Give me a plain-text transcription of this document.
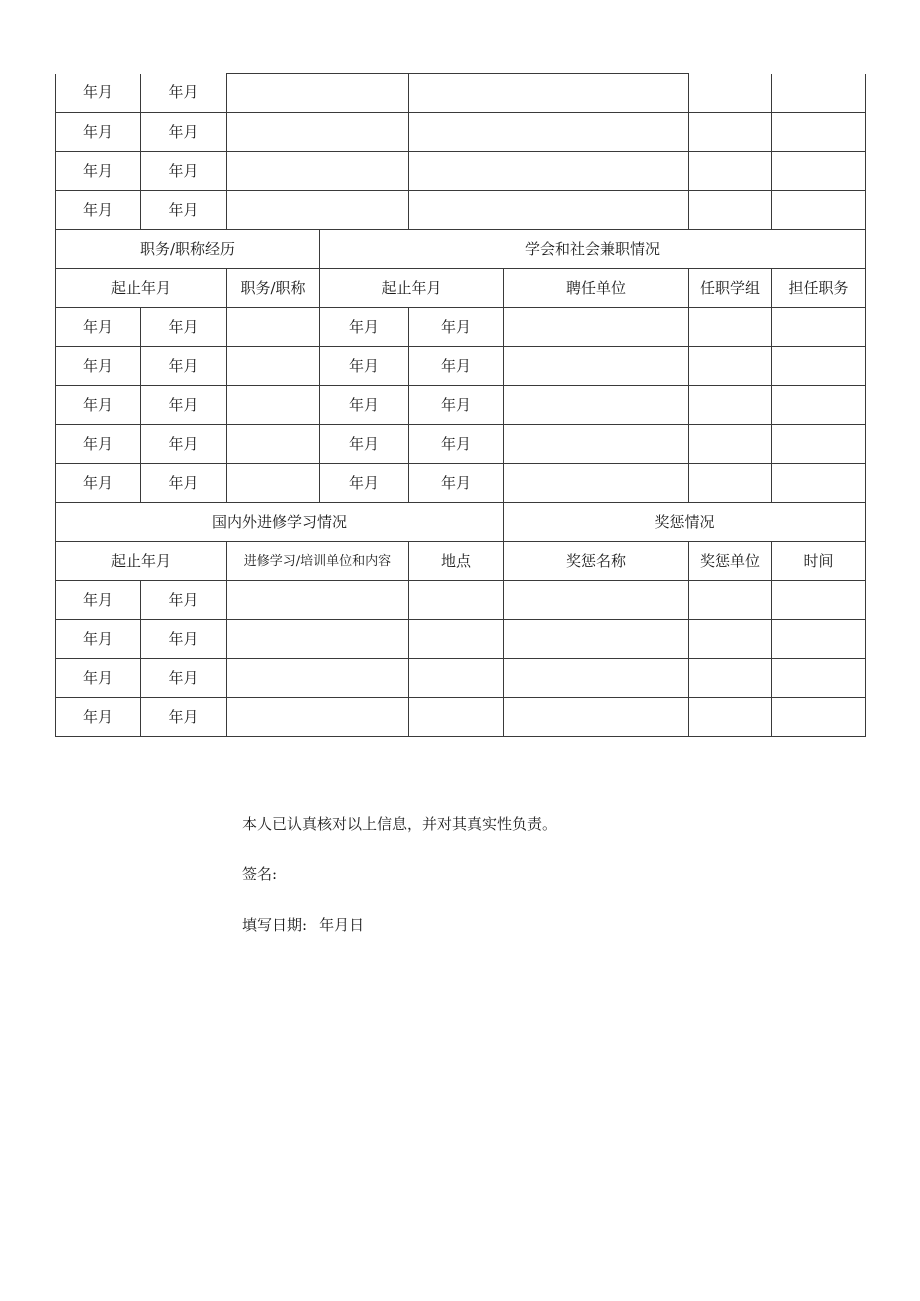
年月	年月							
年月	年月							
年月	年月							
年月	年月							
职务/职称经历			学会和社会兼职情况					
起止年月		职务/职称	起止年月		聘任单位	任职学组	担任职务	
年月	年月		年月	年月				
年月	年月		年月	年月				
年月	年月		年月	年月				
年月	年月		年月	年月				
年月	年月		年月	年月				
国内外进修学习情况					奖惩情况			
起止年月		进修学习/培训单位和内容		地点	奖惩名称	奖惩单位	时间	
年月	年月							
年月	年月							
年月	年月							
年月	年月							
本人已认真核对以上信息，并对其真实性负责。
签名:
填写日期: 年月日
